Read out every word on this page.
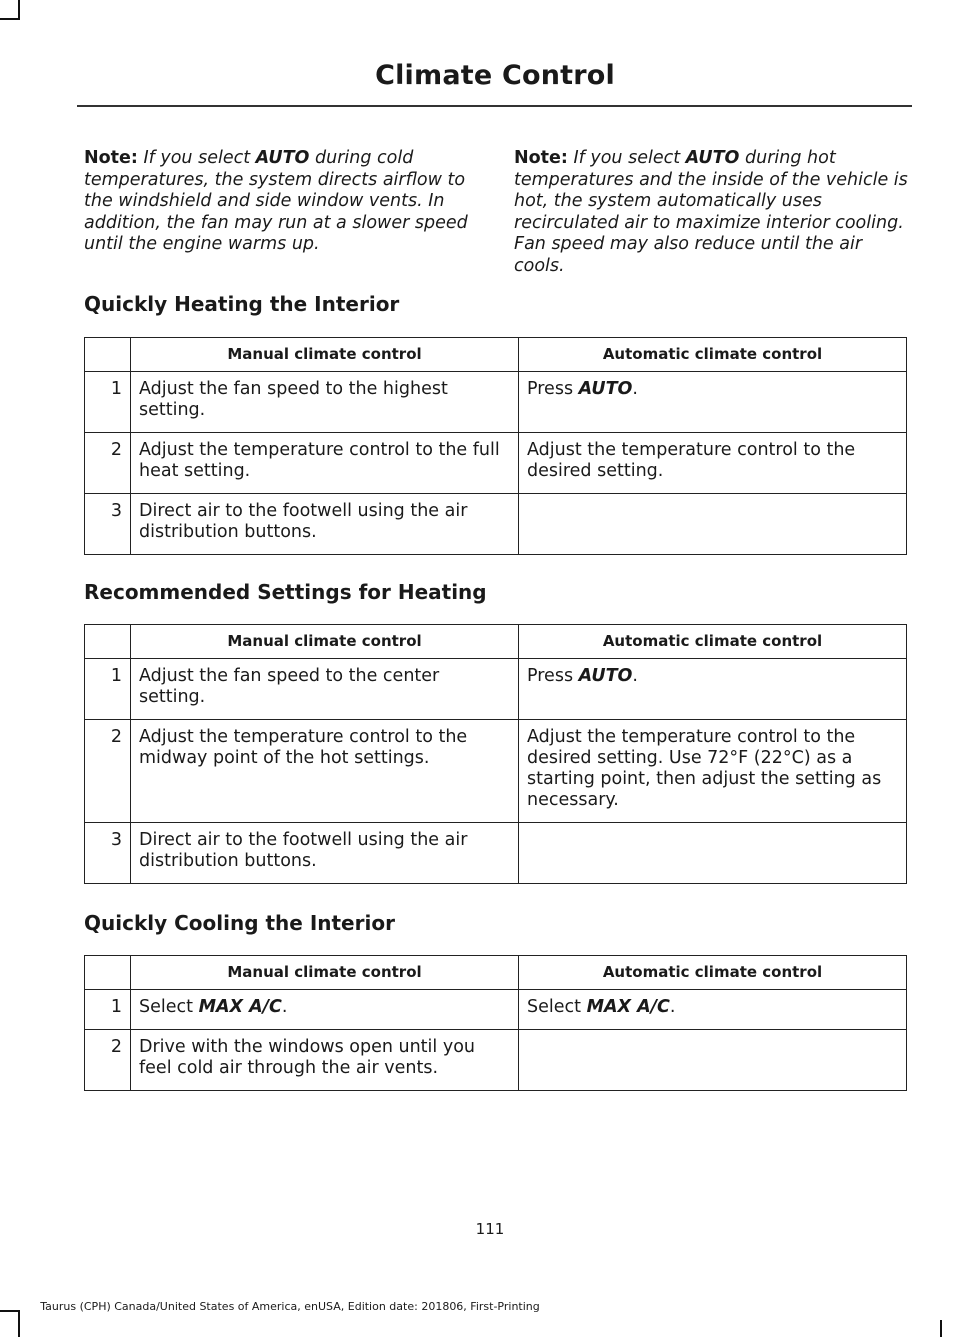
Climate Control
Note: If you select AUTO during cold temperatures, the system directs airflow to the windshield and side window vents. In addition, the fan may run at a slower speed until the engine warms up.
Note: If you select AUTO during hot temperatures and the inside of the vehicle is hot, the system automatically uses recirculated air to maximize interior cooling. Fan speed may also reduce until the air cools.
Quickly Heating the Interior
	Manual climate control	Automatic climate control
1	Adjust the fan speed to the highest setting.	Press AUTO.
2	Adjust the temperature control to the full heat setting.	Adjust the temperature control to the desired setting.
3	Direct air to the footwell using the air distribution buttons.	
Recommended Settings for Heating
	Manual climate control	Automatic climate control
1	Adjust the fan speed to the center setting.	Press AUTO.
2	Adjust the temperature control to the midway point of the hot settings.	Adjust the temperature control to the desired setting. Use 72°F (22°C) as a starting point, then adjust the setting as necessary.
3	Direct air to the footwell using the air distribution buttons.	
Quickly Cooling the Interior
	Manual climate control	Automatic climate control
1	Select MAX A/C.	Select MAX A/C.
2	Drive with the windows open until you feel cold air through the air vents.	
111
Taurus (CPH) Canada/United States of America, enUSA, Edition date: 201806, First-Printing
